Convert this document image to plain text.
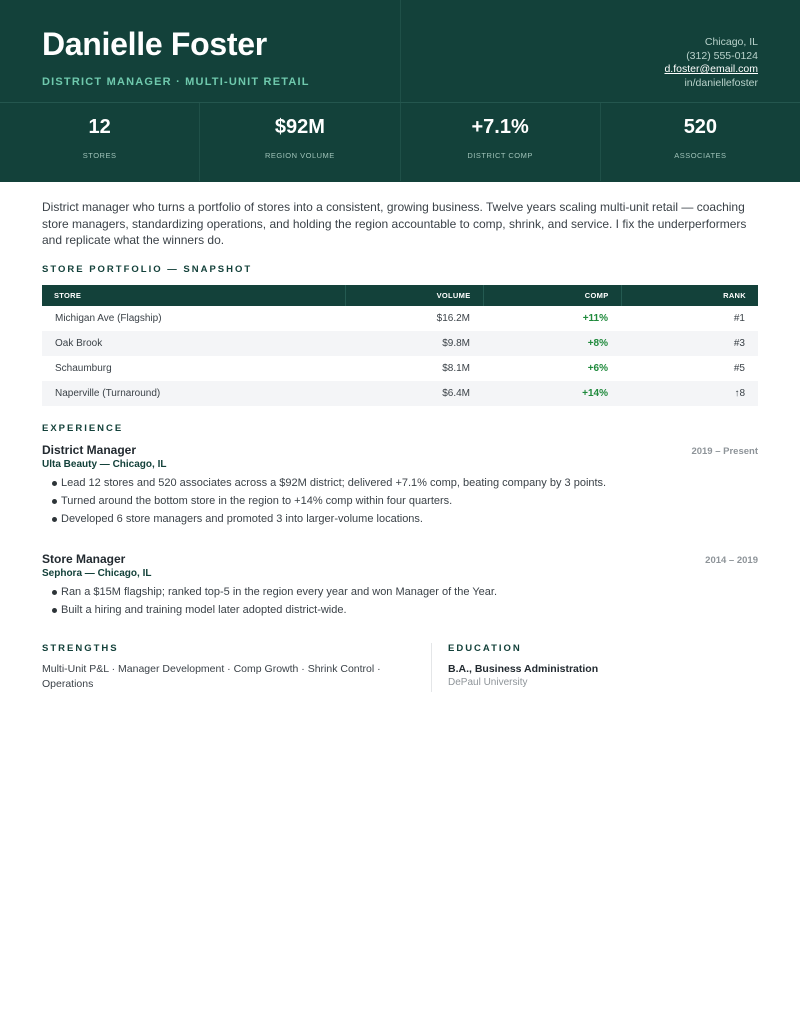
Danielle Foster
DISTRICT MANAGER · MULTI-UNIT RETAIL
Chicago, IL
(312) 555-0124
d.foster@email.com
in/daniellefoster
12
STORES
$92M
REGION VOLUME
+7.1%
DISTRICT COMP
520
ASSOCIATES

District manager who turns a portfolio of stores into a consistent, growing business. Twelve years scaling multi-unit retail — coaching store managers, standardizing operations, and holding the region accountable to comp, shrink, and service. I fix the underperformers and replicate what the winners do.

STORE PORTFOLIO — SNAPSHOT
STORE	VOLUME	COMP	RANK
Michigan Ave (Flagship)	$16.2M	+11%	#1
Oak Brook	$9.8M	+8%	#3
Schaumburg	$8.1M	+6%	#5
Naperville (Turnaround)	$6.4M	+14%	↑8
EXPERIENCE
District Manager	2019 – Present
Ulta Beauty — Chicago, IL
Lead 12 stores and 520 associates across a $92M district; delivered +7.1% comp, beating company by 3 points.
Turned around the bottom store in the region to +14% comp within four quarters.
Developed 6 store managers and promoted 3 into larger-volume locations.
Store Manager	2014 – 2019
Sephora — Chicago, IL
Ran a $15M flagship; ranked top-5 in the region every year and won Manager of the Year.
Built a hiring and training model later adopted district-wide.
STRENGTHS
Multi-Unit P&L · Manager Development · Comp Growth · Shrink Control · Operations
EDUCATION
B.A., Business Administration
DePaul University
